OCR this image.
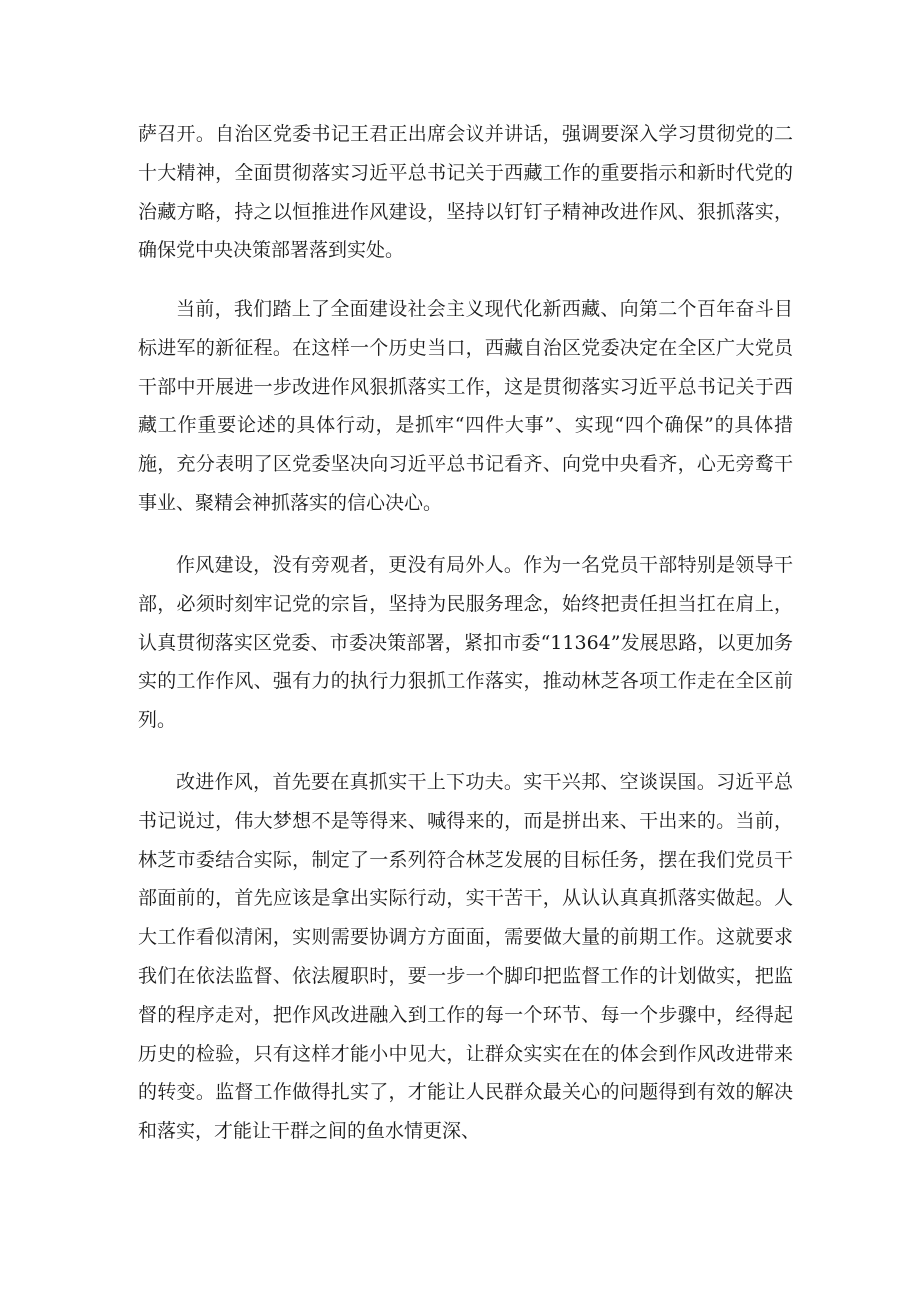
萨召开。自治区党委书记王君正出席会议并讲话，强调要深入学习贯彻党的二十大精神，全面贯彻落实习近平总书记关于西藏工作的重要指示和新时代党的治藏方略，持之以恒推进作风建设，坚持以钉钉子精神改进作风、狠抓落实，确保党中央决策部署落到实处。

当前，我们踏上了全面建设社会主义现代化新西藏、向第二个百年奋斗目标进军的新征程。在这样一个历史当口，西藏自治区党委决定在全区广大党员干部中开展进一步改进作风狠抓落实工作，这是贯彻落实习近平总书记关于西藏工作重要论述的具体行动，是抓牢“四件大事”、实现“四个确保”的具体措施，充分表明了区党委坚决向习近平总书记看齐、向党中央看齐，心无旁鹜干事业、聚精会神抓落实的信心决心。

作风建设，没有旁观者，更没有局外人。作为一名党员干部特别是领导干部，必须时刻牢记党的宗旨，坚持为民服务理念，始终把责任担当扛在肩上，认真贯彻落实区党委、市委决策部署，紧扣市委“11364”发展思路，以更加务实的工作作风、强有力的执行力狠抓工作落实，推动林芝各项工作走在全区前列。

改进作风，首先要在真抓实干上下功夫。实干兴邦、空谈误国。习近平总书记说过，伟大梦想不是等得来、喊得来的，而是拼出来、干出来的。当前，林芝市委结合实际，制定了一系列符合林芝发展的目标任务，摆在我们党员干部面前的，首先应该是拿出实际行动，实干苦干，从认认真真抓落实做起。人大工作看似清闲，实则需要协调方方面面，需要做大量的前期工作。这就要求我们在依法监督、依法履职时，要一步一个脚印把监督工作的计划做实，把监督的程序走对，把作风改进融入到工作的每一个环节、每一个步骤中，经得起历史的检验，只有这样才能小中见大，让群众实实在在的体会到作风改进带来的转变。监督工作做得扎实了，才能让人民群众最关心的问题得到有效的解决和落实，才能让干群之间的鱼水情更深、
